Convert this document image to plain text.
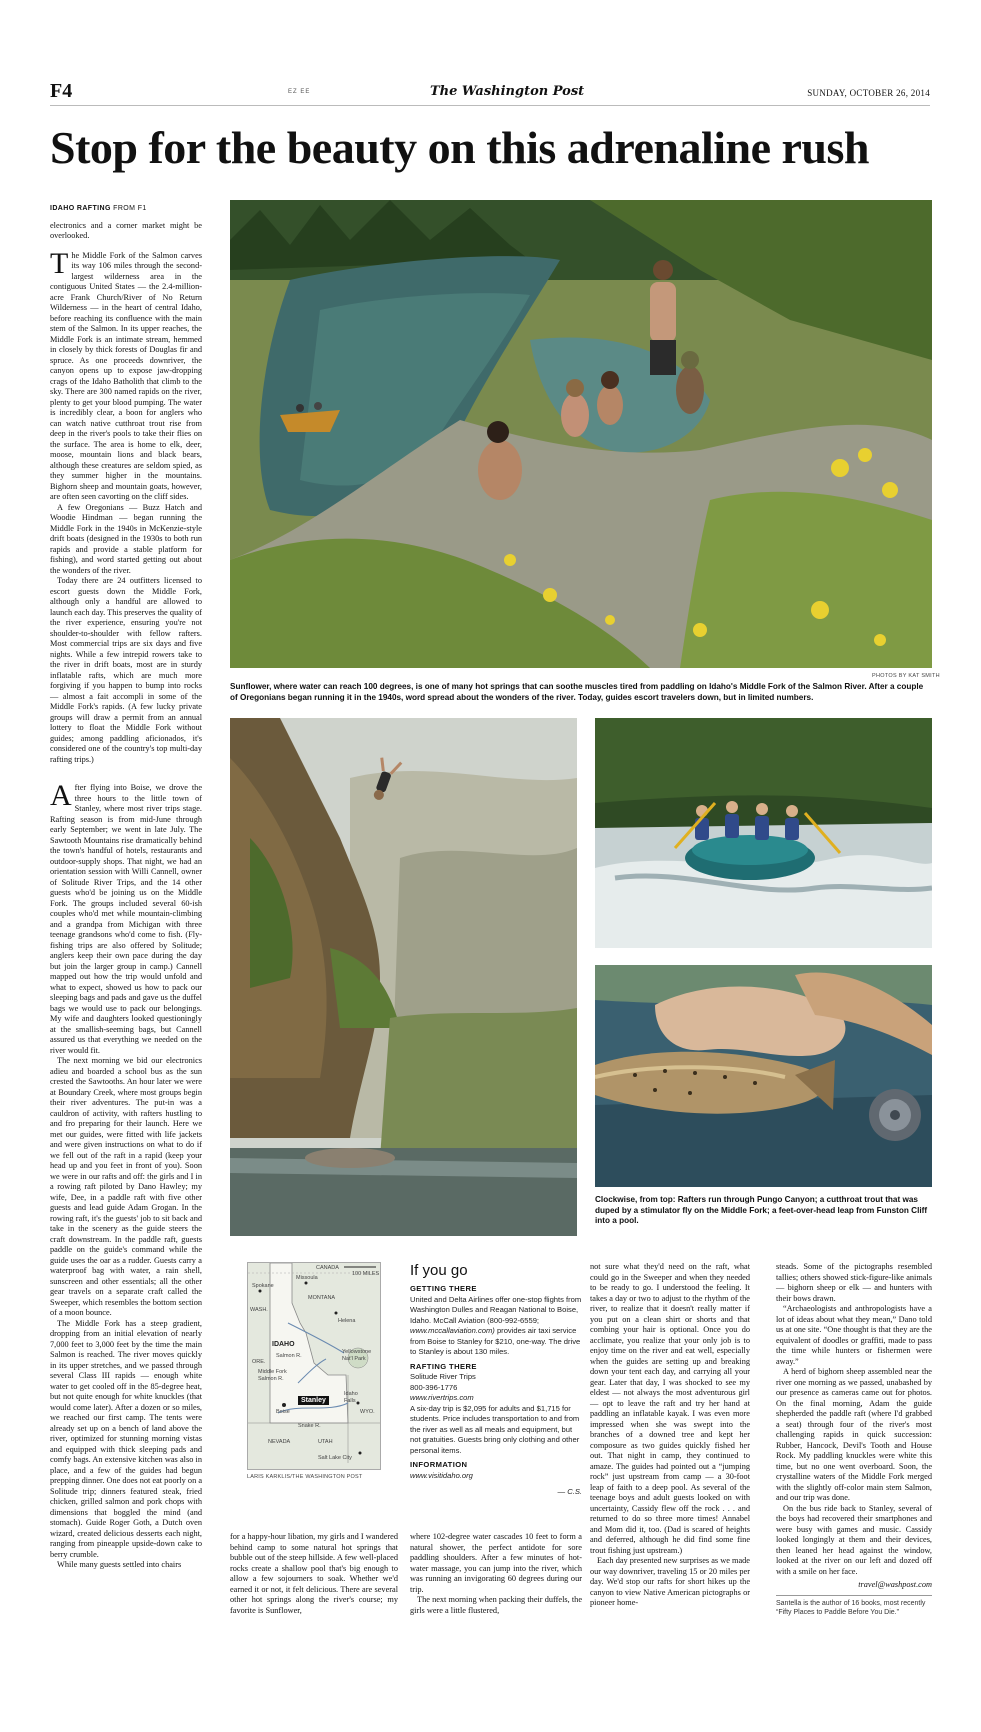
F4	EZ EE	The Washington Post	SUNDAY, OCTOBER 26, 2014
Stop for the beauty on this adrenaline rush

IDAHO RAFTING FROM F1

electronics and a corner market might be overlooked.

The Middle Fork of the Salmon carves its way 106 miles through the second-largest wilderness area in the contiguous United States — the 2.4-million-acre Frank Church/River of No Return Wilderness — in the heart of central Idaho, before reaching its confluence with the main stem of the Salmon. In its upper reaches, the Middle Fork is an intimate stream, hemmed in closely by thick forests of Douglas fir and spruce. As one proceeds downriver, the canyon opens up to expose jaw-dropping crags of the Idaho Batholith that climb to the sky. There are 300 named rapids on the river, plenty to get your blood pumping. The water is incredibly clear, a boon for anglers who can watch native cutthroat trout rise from deep in the river's pools to take their flies on the surface. The area is home to elk, deer, moose, mountain lions and black bears, although these creatures are seldom spied, as they summer higher in the mountains. Bighorn sheep and mountain goats, however, are often seen cavorting on the cliff sides.

A few Oregonians — Buzz Hatch and Woodie Hindman — began running the Middle Fork in the 1940s in McKenzie-style drift boats (designed in the 1930s to both run rapids and provide a stable platform for fishing), and word started getting out about the wonders of the river.

Today there are 24 outfitters licensed to escort guests down the Middle Fork, although only a handful are allowed to launch each day. This preserves the quality of the river experience, ensuring you're not shoulder-to-shoulder with fellow rafters. Most commercial trips are six days and five nights. While a few intrepid rowers take to the river in drift boats, most are in sturdy inflatable rafts, which are much more forgiving if you happen to bump into rocks — almost a fait accompli in some of the Middle Fork's rapids. (A few lucky private groups will draw a permit from an annual lottery to float the Middle Fork without guides; among paddling aficionados, it's considered one of the country's top multi-day rafting trips.)

After flying into Boise, we drove the three hours to the little town of Stanley, where most river trips stage. Rafting season is from mid-June through early September; we went in late July. The Sawtooth Mountains rise dramatically behind the town's handful of hotels, restaurants and outdoor-supply shops. That night, we had an orientation session with Willi Cannell, owner of Solitude River Trips, and the 14 other guests who'd be joining us on the Middle Fork. The groups included several 60-ish couples who'd met while mountain-climbing and a grandpa from Michigan with three teenage grandsons who'd come to fish. (Fly-fishing trips are also offered by Solitude; anglers keep their own pace during the day but join the larger group in camp.) Cannell mapped out how the trip would unfold and what to expect, showed us how to pack our sleeping bags and pads and gave us the duffel bags we would use to pack our belongings. My wife and daughters looked questioningly at the smallish-seeming bags, but Cannell assured us that everything we needed on the river would fit.

The next morning we bid our electronics adieu and boarded a school bus as the sun crested the Sawtooths. An hour later we were at Boundary Creek, where most groups begin their river adventures. The put-in was a cauldron of activity, with rafters hustling to and fro preparing for their launch. Here we met our guides, were fitted with life jackets and were given instructions on what to do if we fell out of the raft in a rapid (keep your head up and you feet in front of you). Soon we were in our rafts and off: the girls and I in a rowing raft piloted by Dano Hawley; my wife, Dee, in a paddle raft with five other guests and lead guide Adam Grogan. In the rowing raft, it's the guests' job to sit back and take in the scenery as the guide steers the craft downstream. In the paddle raft, guests paddle on the guide's command while the guide uses the oar as a rudder. Guests carry a waterproof bag with water, a rain shell, sunscreen and other essentials; all the other gear travels on a separate craft called the Sweeper, which resembles the bottom section of a moon bounce.

The Middle Fork has a steep gradient, dropping from an initial elevation of nearly 7,000 feet to 3,000 feet by the time the main Salmon is reached. The river moves quickly in its upper stretches, and we passed through several Class III rapids — enough white water to get cooled off in the 85-degree heat, but not quite enough for white knuckles (that would come later). After a dozen or so miles, we reached our first camp. The tents were already set up on a bench of land above the river, optimized for stunning morning vistas and equipped with thick sleeping pads and comfy bags. An extensive kitchen was also in place, and a few of the guides had begun prepping dinner. One does not eat poorly on a Solitude trip; dinners featured steak, fried chicken, grilled salmon and pork chops with dimensions that boggled the mind (and stomach). Guide Roger Goth, a Dutch oven wizard, created delicious desserts each night, ranging from pineapple upside-down cake to berry crumble.

While many guests settled into chairs

PHOTOS BY KAT SMITH
Sunflower, where water can reach 100 degrees, is one of many hot springs that can soothe muscles tired from paddling on Idaho's Middle Fork of the Salmon River. After a couple of Oregonians began running it in the 1940s, word spread about the wonders of the river. Today, guides escort travelers down, but in limited numbers.
Clockwise, from top: Rafters run through Pungo Canyon; a cutthroat trout that was duped by a stimulator fly on the Middle Fork; a feet-over-head leap from Funston Cliff into a pool.
CANADA
MONTANA
IDAHO
Spokane
Missoula
Helena
Middle Fork Salmon R.
Salmon R.
ORE.
Yellowstone Nat'l Park
Boise
Idaho Falls
Snake R.
WYO.
NEVADA	UTAH
Salt Lake City
WASH.
100 MILES
Stanley
LARIS KARKLIS/THE WASHINGTON POST
If you go
GETTING THERE
United and Delta Airlines offer one-stop flights from Washington Dulles and Reagan National to Boise, Idaho. McCall Aviation (800-992-6559; www.mccallaviation.com) provides air taxi service from Boise to Stanley for $210, one-way. The drive to Stanley is about 130 miles.
RAFTING THERE
Solitude River Trips
800-396-1776
www.rivertrips.com
A six-day trip is $2,095 for adults and $1,715 for students. Price includes transportation to and from the river as well as all meals and equipment, but not gratuities. Guests bring only clothing and other personal items.
INFORMATION
www.visitidaho.org
— C.S.

for a happy-hour libation, my girls and I wandered behind camp to some natural hot springs that bubble out of the steep hillside. A few well-placed rocks create a shallow pool that's big enough to allow a few sojourners to soak. Whether we'd earned it or not, it felt delicious. There are several other hot springs along the river's course; my favorite is Sunflower,

where 102-degree water cascades 10 feet to form a natural shower, the perfect antidote for sore paddling shoulders. After a few minutes of hot-water massage, you can jump into the river, which was running an invigorating 60 degrees during our trip.

The next morning when packing their duffels, the girls were a little flustered,

not sure what they'd need on the raft, what could go in the Sweeper and when they needed to be ready to go. I understood the feeling. It takes a day or two to adjust to the rhythm of the river, to realize that it doesn't really matter if you put on a clean shirt or shorts and that combing your hair is optional. Once you do acclimate, you realize that your only job is to enjoy time on the river and eat well, especially when the guides are setting up and breaking down your tent each day, and carrying all your gear. Later that day, I was shocked to see my eldest — not always the most adventurous girl — opt to leave the raft and try her hand at paddling an inflatable kayak. I was even more impressed when she was swept into the branches of a downed tree and kept her composure as two guides quickly fished her out. That night in camp, they continued to amaze. The guides had pointed out a “jumping rock” just upstream from camp — a 30-foot leap of faith to a deep pool. As several of the teenage boys and adult guests looked on with uncertainty, Cassidy flew off the rock . . . and returned to do so three more times! Annabel and Mom did it, too. (Dad is scared of heights and deferred, although he did find some fine trout fishing just upstream.)

Each day presented new surprises as we made our way downriver, traveling 15 or 20 miles per day. We'd stop our rafts for short hikes up the canyon to view Native American pictographs or pioneer home-

steads. Some of the pictographs resembled tallies; others showed stick-figure-like animals — bighorn sheep or elk — and hunters with their bows drawn.

“Archaeologists and anthropologists have a lot of ideas about what they mean,” Dano told us at one site. “One thought is that they are the equivalent of doodles or graffiti, made to pass the time while hunters or fishermen were away.”

A herd of bighorn sheep assembled near the river one morning as we passed, unabashed by our presence as cameras came out for photos. On the final morning, Adam the guide shepherded the paddle raft (where I'd grabbed a seat) through four of the river's most challenging rapids in quick succession: Rubber, Hancock, Devil's Tooth and House Rock. My paddling knuckles were white this time, but no one went overboard. Soon, the crystalline waters of the Middle Fork merged with the slightly off-color main stem Salmon, and our trip was done.

On the bus ride back to Stanley, several of the boys had recovered their smartphones and were busy with games and music. Cassidy looked longingly at them and their devices, then leaned her head against the window, looked at the river on our left and dozed off with a smile on her face.

travel@washpost.com

Santella is the author of 16 books, most recently “Fifty Places to Paddle Before You Die.”
